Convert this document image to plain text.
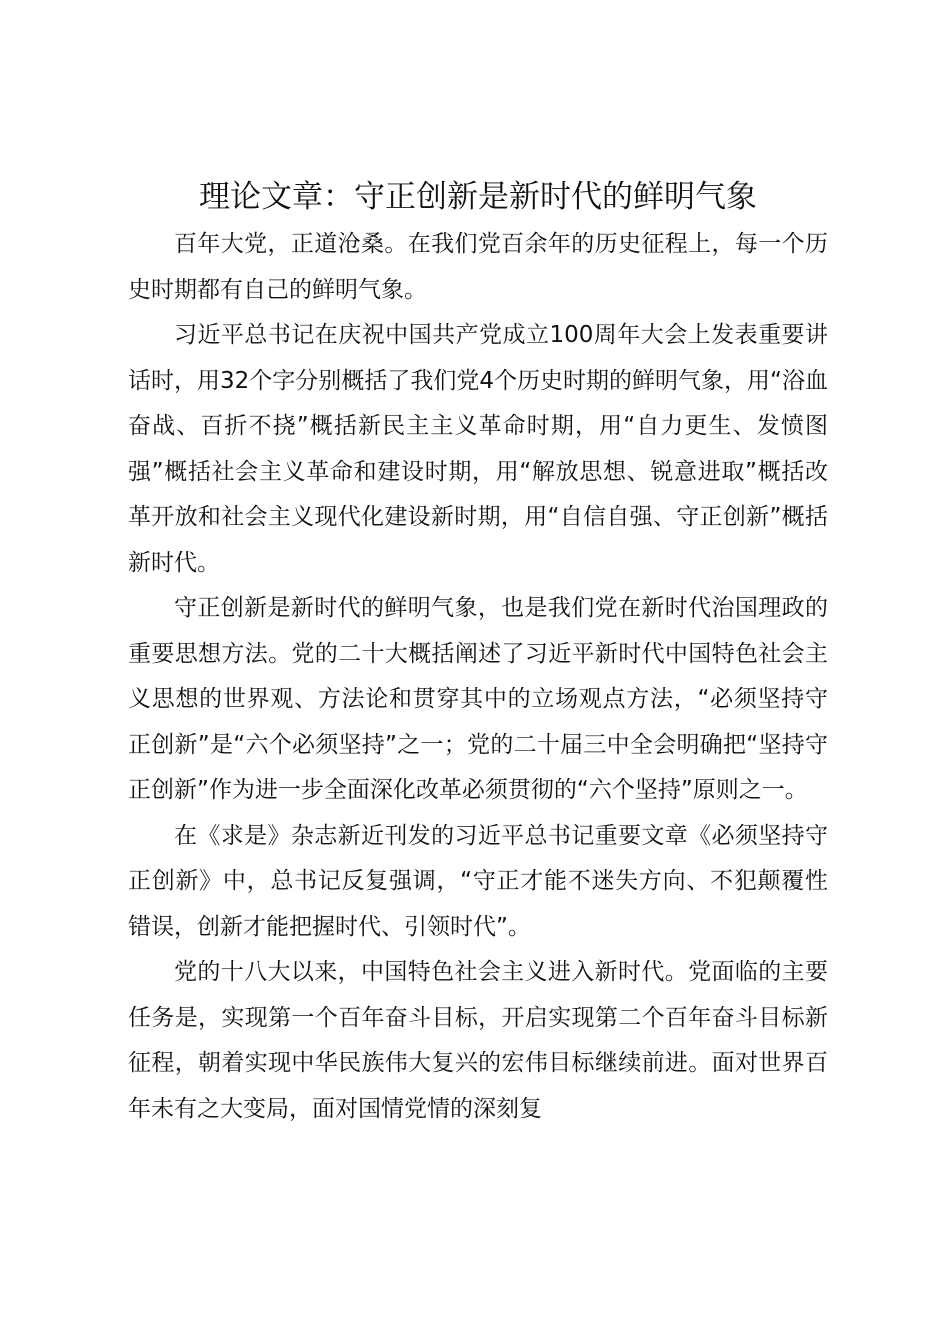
理论文章：守正创新是新时代的鲜明气象

百年大党，正道沧桑。在我们党百余年的历史征程上，每一个历史时期都有自己的鲜明气象。

习近平总书记在庆祝中国共产党成立100周年大会上发表重要讲话时，用32个字分别概括了我们党4个历史时期的鲜明气象，用“浴血奋战、百折不挠”概括新民主主义革命时期，用“自力更生、发愤图强”概括社会主义革命和建设时期，用“解放思想、锐意进取”概括改革开放和社会主义现代化建设新时期，用“自信自强、守正创新”概括新时代。

守正创新是新时代的鲜明气象，也是我们党在新时代治国理政的重要思想方法。党的二十大概括阐述了习近平新时代中国特色社会主义思想的世界观、方法论和贯穿其中的立场观点方法，“必须坚持守正创新”是“六个必须坚持”之一；党的二十届三中全会明确把“坚持守正创新”作为进一步全面深化改革必须贯彻的“六个坚持”原则之一。

在《求是》杂志新近刊发的习近平总书记重要文章《必须坚持守正创新》中，总书记反复强调，“守正才能不迷失方向、不犯颠覆性错误，创新才能把握时代、引领时代”。

党的十八大以来，中国特色社会主义进入新时代。党面临的主要任务是，实现第一个百年奋斗目标，开启实现第二个百年奋斗目标新征程，朝着实现中华民族伟大复兴的宏伟目标继续前进。面对世界百年未有之大变局，面对国情党情的深刻复
